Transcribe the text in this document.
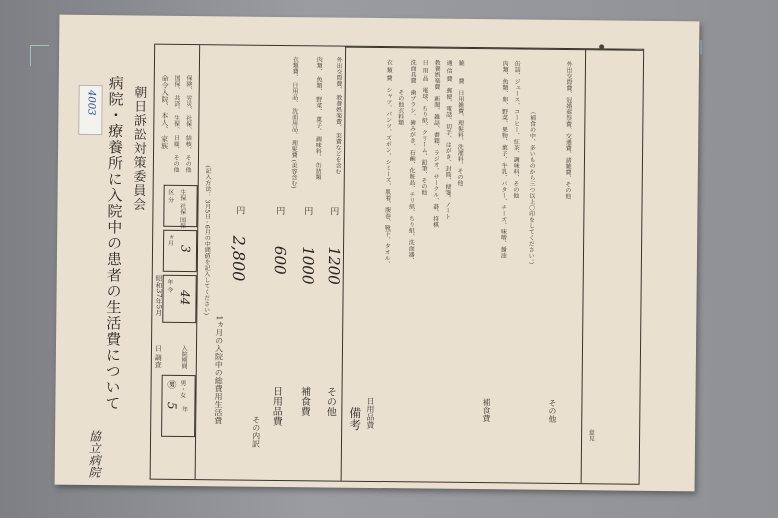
協立病院
4003 病院・療養所に入院中の患者の生活費について 朝日訴訟対策委員会
昭和37年5月
日 調査
㊚ 男・女
5 年
入院期間
年 令
44
ヵ月
3
区 分 生保 社保 国保
命令入院、 本人、 家族 国保、 共済、 生保、 日雇、 その他 保険、 労災、 社保、 結核、 その他
(記入方法： 3月5日 - 6月の中間値を記入してください)
1ヵ月の入院中の総費用生活費
2,800
円
その内訳
日用品費
600
円
衣類費、 日用品、 洗面用品、 理髪費 (美容含む)
補食費
1000
円
肉類、 魚類、 野菜、 菓子、 調味料、 缶詰類
その他
1200
円
外出交際費、 教養娯楽費、 実費などを含む
備考 日用品費
衣 類 費　シャツ、パンツ、ズボン、シミーズ、肌着、腹巻、靴下、タオル、 　　　　　その他衣料類 洗面具費　歯ブラシ、歯みがき、石鹸、化粧品、チリ紙、ちり紙、洗面器、 日 用 品　電球、ちり紙、クリーム、鉛筆、その他 教養娯楽費　新聞、雑誌、書籍、ラジオ、サークル、碁、将棋 通 信 費　郵便、電話、切手、はがき、封筒、便箋、ノート 雑　　費　日用雑費、理髪料、洗濯料、その他
補食費
肉類、魚類、卵、野菜、果物、菓子、牛乳、バター、チーズ、味噌、醤油 缶詰、ジュース、コーヒー、紅茶、調味料、その他 （補食の中、多いものから三つ以上〇印をしてください。）
その他
外出交際費、冠婚葬祭費、交通費、諸雑費、その他
意見
